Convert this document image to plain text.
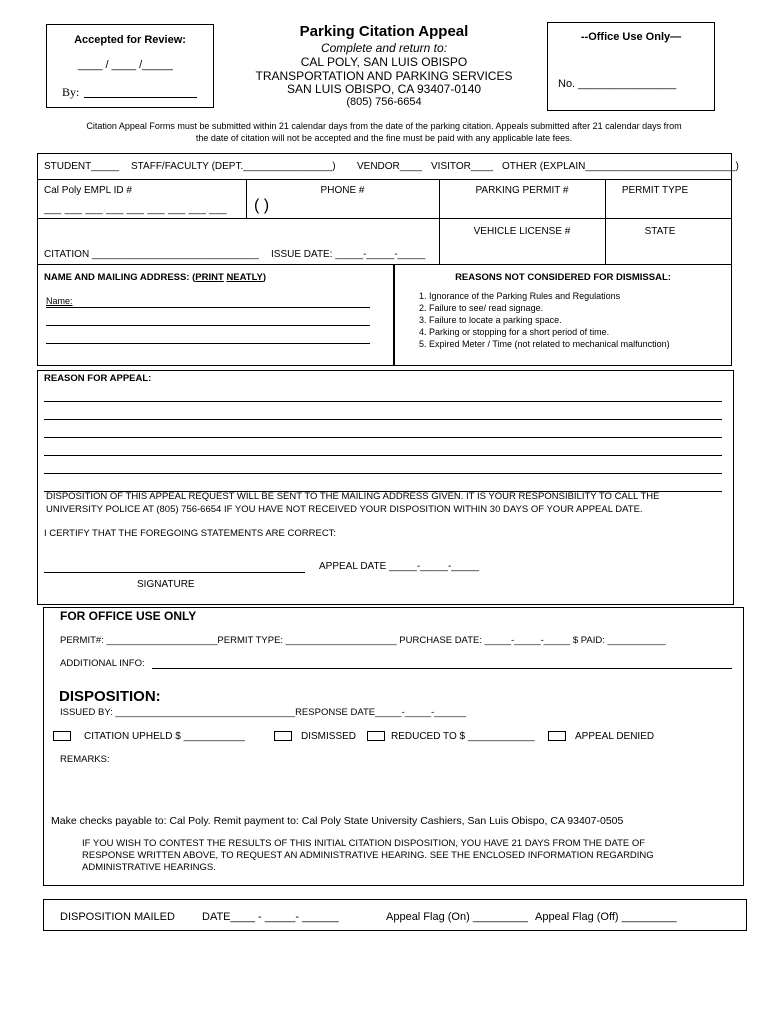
Accepted for Review:
____ / ____ /_____
By:
Parking Citation Appeal
Complete and return to:
CAL POLY, SAN LUIS OBISPO
TRANSPORTATION AND PARKING SERVICES
SAN LUIS OBISPO, CA 93407-0140
(805) 756-6654
--Office Use Only—
No. ________________
Citation Appeal Forms must be submitted within 21 calendar days from the date of the parking citation. Appeals submitted after 21 calendar days from
the date of citation will not be accepted and the fine must be paid with any applicable late fees.
STUDENT_____ STAFF/FACULTY (DEPT.________________) VENDOR____ VISITOR____ OTHER (EXPLAIN___________________________)
Cal Poly EMPL ID #
___ ___ ___ ___ ___ ___ ___ ___ ___
PHONE #
( )
PARKING PERMIT #	PERMIT TYPE
VEHICLE LICENSE #	STATE
CITATION ______________________________ ISSUE DATE: _____-_____-_____
NAME AND MAILING ADDRESS: (PRINT NEATLY)
Name:
REASONS NOT CONSIDERED FOR DISMISSAL:
1. Ignorance of the Parking Rules and Regulations
2. Failure to see/ read signage.
3. Failure to locate a parking space.
4. Parking or stopping for a short period of time.
5. Expired Meter / Time (not related to mechanical malfunction)
REASON FOR APPEAL:
DISPOSITION OF THIS APPEAL REQUEST WILL BE SENT TO THE MAILING ADDRESS GIVEN. IT IS YOUR RESPONSIBILITY TO CALL THE
UNIVERSITY POLICE AT (805) 756-6654 IF YOU HAVE NOT RECEIVED YOUR DISPOSITION WITHIN 30 DAYS OF YOUR APPEAL DATE.
I CERTIFY THAT THE FOREGOING STATEMENTS ARE CORRECT:
APPEAL DATE _____-_____-_____
SIGNATURE
FOR OFFICE USE ONLY
PERMIT#: _____________________PERMIT TYPE: _____________________ PURCHASE DATE: _____-_____-_____ $ PAID: ___________
ADDITIONAL INFO:
DISPOSITION:
ISSUED BY: __________________________________RESPONSE DATE_____-_____-______
CITATION UPHELD $ ___________	DISMISSED	REDUCED TO $ ____________	APPEAL DENIED
REMARKS:
Make checks payable to: Cal Poly. Remit payment to: Cal Poly State University Cashiers, San Luis Obispo, CA 93407-0505
IF YOU WISH TO CONTEST THE RESULTS OF THIS INITIAL CITATION DISPOSITION, YOU HAVE 21 DAYS FROM THE DATE OF
RESPONSE WRITTEN ABOVE, TO REQUEST AN ADMINISTRATIVE HEARING. SEE THE ENCLOSED INFORMATION REGARDING
ADMINISTRATIVE HEARINGS.
DISPOSITION MAILED DATE____ - _____- ______	Appeal Flag (On) _________ Appeal Flag (Off) _________
